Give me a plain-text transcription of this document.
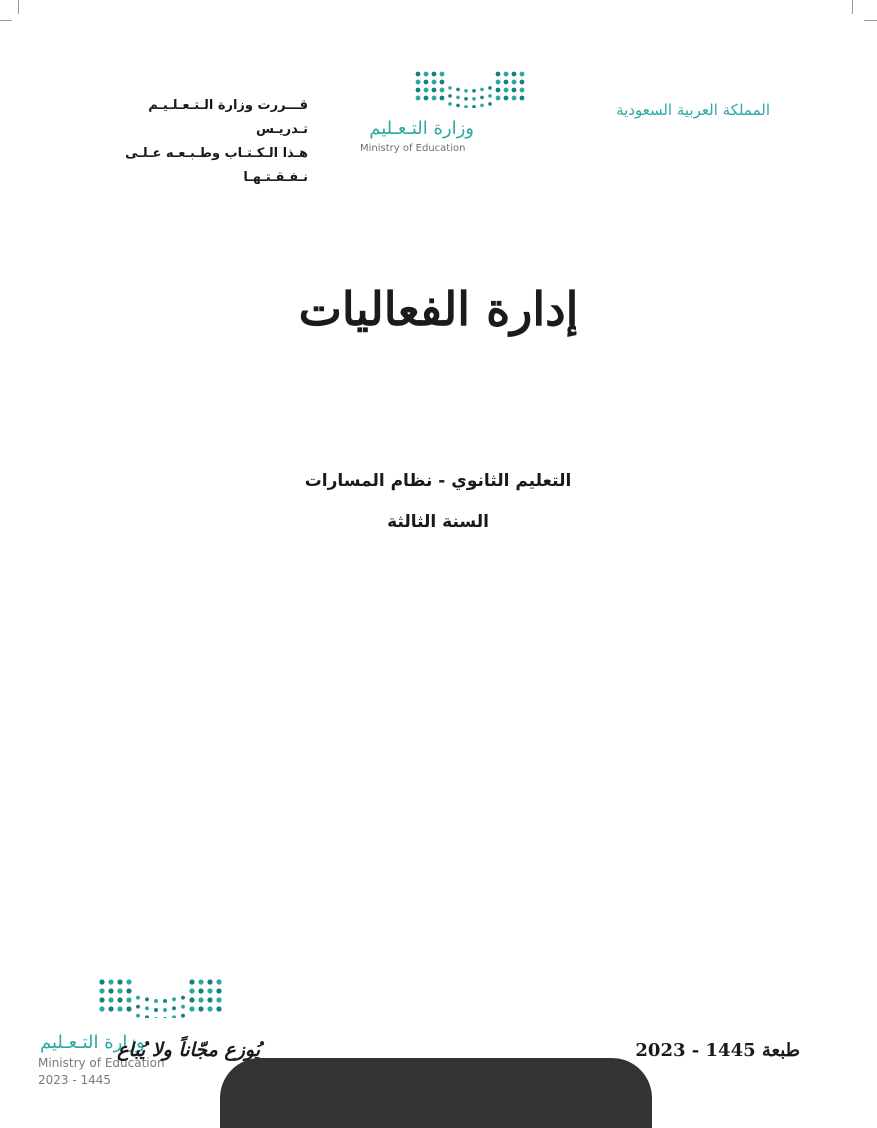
المملكة العربية السعودية
قـــررت وزارة الـتـعـلـيـم تـدريـس
هـذا الـكـتـاب وطـبـعـه عـلـى نـفـقـتـهـا
وزارة التـعـليم
Ministry of Education
إدارة الفعاليات
التعليم الثانوي - نظام المسارات
السنة الثالثة
وزارة التـعـليم
Ministry of Education
2023 - 1445
يُوزع مجّاناً ولا يُباع	طبعة 1445 - 2023
